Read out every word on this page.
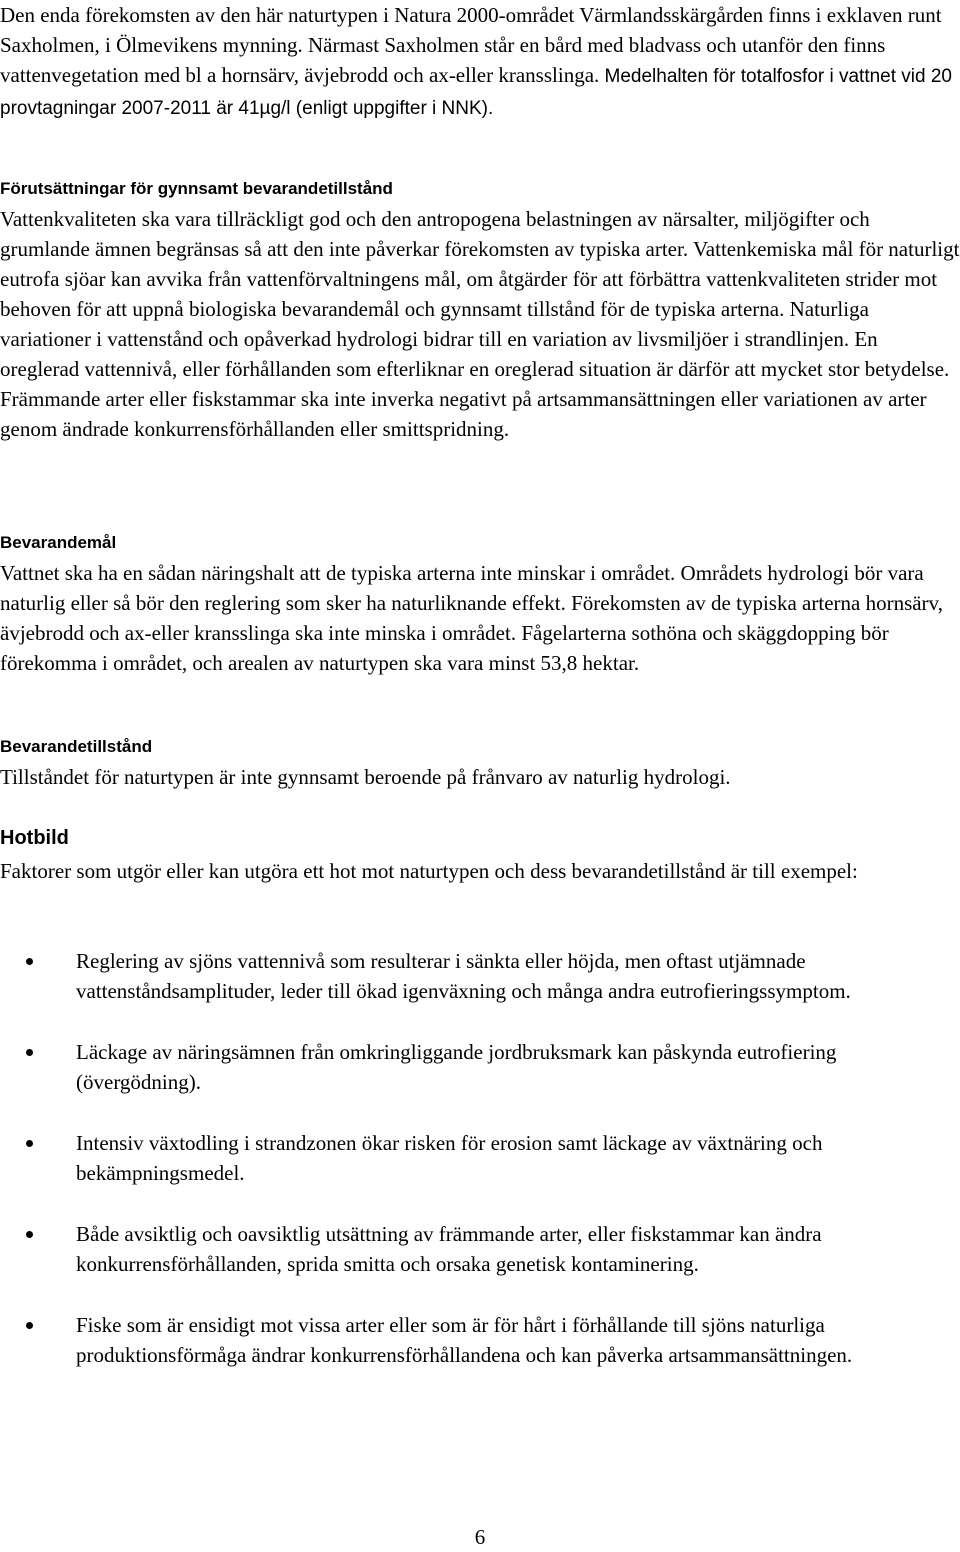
Den enda förekomsten av den här naturtypen i Natura 2000-området Värmlandsskärgården finns i exklaven runt Saxholmen, i Ölmevikens mynning. Närmast Saxholmen står en bård med bladvass och utanför den finns vattenvegetation med bl a hornsärv, ävjebrodd och ax-eller kransslinga. Medelhalten för totalfosfor i vattnet vid 20 provtagningar 2007-2011 är 41µg/l (enligt uppgifter i NNK).
Förutsättningar för gynnsamt bevarandetillstånd

Vattenkvaliteten ska vara tillräckligt god och den antropogena belastningen av närsalter, miljögifter och grumlande ämnen begränsas så att den inte påverkar förekomsten av typiska arter. Vattenkemiska mål för naturligt eutrofa sjöar kan avvika från vattenförvaltningens mål, om åtgärder för att förbättra vattenkvaliteten strider mot behoven för att uppnå biologiska bevarandemål och gynnsamt tillstånd för de typiska arterna. Naturliga variationer i vattenstånd och opåverkad hydrologi bidrar till en variation av livsmiljöer i strandlinjen. En oreglerad vattennivå, eller förhållanden som efterliknar en oreglerad situation är därför att mycket stor betydelse.

Främmande arter eller fiskstammar ska inte inverka negativt på artsammansättningen eller variationen av arter genom ändrade konkurrensförhållanden eller smittspridning.

Bevarandemål

Vattnet ska ha en sådan näringshalt att de typiska arterna inte minskar i området. Områdets hydrologi bör vara naturlig eller så bör den reglering som sker ha naturliknande effekt. Förekomsten av de typiska arterna hornsärv, ävjebrodd och ax-eller kransslinga ska inte minska i området. Fågelarterna sothöna och skäggdopping bör förekomma i området, och arealen av naturtypen ska vara minst 53,8 hektar.

Bevarandetillstånd

Tillståndet för naturtypen är inte gynnsamt beroende på frånvaro av naturlig hydrologi.

Hotbild

Faktorer som utgör eller kan utgöra ett hot mot naturtypen och dess bevarandetillstånd är till exempel:

Reglering av sjöns vattennivå som resulterar i sänkta eller höjda, men oftast utjämnade vattenståndsamplituder, leder till ökad igenväxning och många andra eutrofieringssymptom.
Läckage av näringsämnen från omkringliggande jordbruksmark kan påskynda eutrofiering (övergödning).
Intensiv växtodling i strandzonen ökar risken för erosion samt läckage av växtnäring och bekämpningsmedel.
Både avsiktlig och oavsiktlig utsättning av främmande arter, eller fiskstammar kan ändra konkurrensförhållanden, sprida smitta och orsaka genetisk kontaminering.
Fiske som är ensidigt mot vissa arter eller som är för hårt i förhållande till sjöns naturliga produktionsförmåga ändrar konkurrensförhållandena och kan påverka artsammansättningen.
6
